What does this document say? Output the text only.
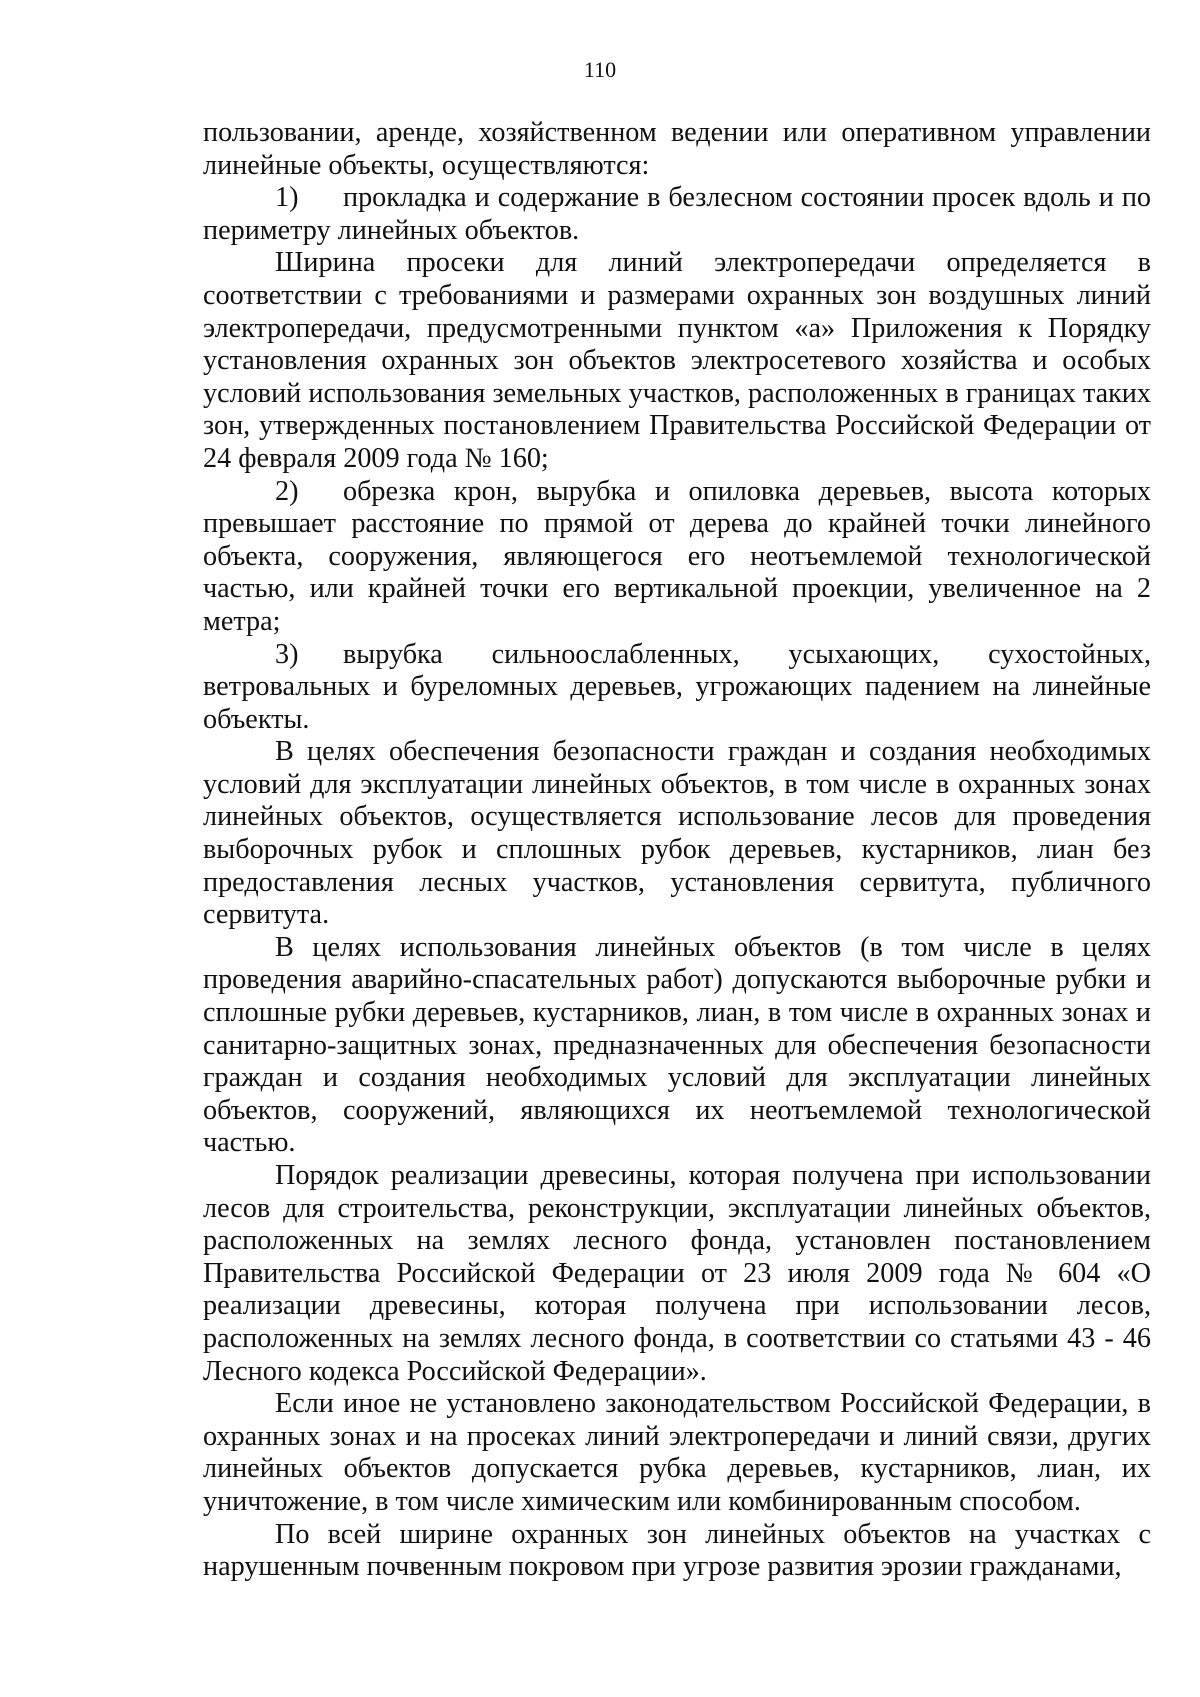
110

пользовании, аренде, хозяйственном ведении или оперативном управлении линейные объекты, осуществляются:

1) прокладка и содержание в безлесном состоянии просек вдоль и по периметру линейных объектов.

Ширина просеки для линий электропередачи определяется в соответствии с требованиями и размерами охранных зон воздушных линий электропередачи, предусмотренными пунктом «а» Приложения к Порядку установления охранных зон объектов электросетевого хозяйства и особых условий использования земельных участков, расположенных в границах таких зон, утвержденных постановлением Правительства Российской Федерации от 24 февраля 2009 года № 160;

2) обрезка крон, вырубка и опиловка деревьев, высота которых превышает расстояние по прямой от дерева до крайней точки линейного объекта, сооружения, являющегося его неотъемлемой технологической частью, или крайней точки его вертикальной проекции, увеличенное на 2 метра;

3) вырубка сильноослабленных, усыхающих, сухостойных, ветровальных и буреломных деревьев, угрожающих падением на линейные объекты.

В целях обеспечения безопасности граждан и создания необходимых условий для эксплуатации линейных объектов, в том числе в охранных зонах линейных объектов, осуществляется использование лесов для проведения выборочных рубок и сплошных рубок деревьев, кустарников, лиан без предоставления лесных участков, установления сервитута, публичного сервитута.

В целях использования линейных объектов (в том числе в целях проведения аварийно-спасательных работ) допускаются выборочные рубки и сплошные рубки деревьев, кустарников, лиан, в том числе в охранных зонах и санитарно-защитных зонах, предназначенных для обеспечения безопасности граждан и создания необходимых условий для эксплуатации линейных объектов, сооружений, являющихся их неотъемлемой технологической частью.

Порядок реализации древесины, которая получена при использовании лесов для строительства, реконструкции, эксплуатации линейных объектов, расположенных на землях лесного фонда, установлен постановлением Правительства Российской Федерации от 23 июля 2009 года № 604 «О реализации древесины, которая получена при использовании лесов, расположенных на землях лесного фонда, в соответствии со статьями 43 - 46 Лесного кодекса Российской Федерации».

Если иное не установлено законодательством Российской Федерации, в охранных зонах и на просеках линий электропередачи и линий связи, других линейных объектов допускается рубка деревьев, кустарников, лиан, их уничтожение, в том числе химическим или комбинированным способом.

По всей ширине охранных зон линейных объектов на участках с нарушенным почвенным покровом при угрозе развития эрозии гражданами,
